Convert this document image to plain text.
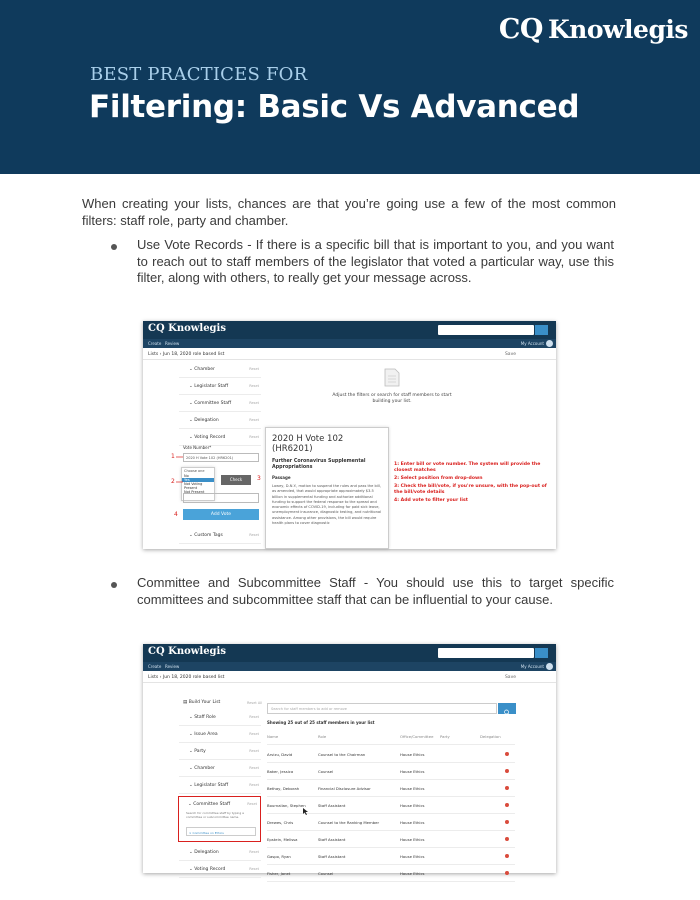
CQ Knowlegis
BEST PRACTICES FOR
Filtering: Basic Vs Advanced

When creating your lists, chances are that you’re going use a few of the most common filters: staff role, party and chamber.

Use Vote Records - If there is a specific bill that is important to you, and you want to reach out to staff members of the legislator that voted a particular way, use this filter, along with others, to really get your message across.

CQ Knowlegis
Create Review	My Account
Lists › Jun 18, 2020 role based list	Save
⌄ Chamber	Reset
⌄ Legislator Staff	Reset
⌄ Committee Staff	Reset
⌄ Delegation	Reset
⌄ Voting Record	Reset
Vote Number*
2020 H Vote 102 (HR6201)
Choose one
No
Yes
Not Voting
Present
Not Present
Check
Add Vote
⌄ Custom Tags	Reset
1
2	3
4
Adjust the filters or search for staff members to start building your list.
2020 H Vote 102 (HR6201)
Further Coronavirus Supplemental Appropriations
Passage
Lowey, D-N.Y., motion to suspend the rules and pass the bill, as amended, that would appropriate approximately $3.5 billion in supplemental funding and authorize additional funding to support the federal response to the spread and economic effects of COVID-19, including for paid sick leave, unemployment insurance, diagnostic testing, and nutritional assistance. Among other provisions, the bill would require health plans to cover diagnostic
1: Enter bill or vote number. The system will provide the closest matches
2: Select position from drop-down
3: Check the bill/vote, if you're unsure, with the pop-out of the bill/vote details
4: Add vote to filter your list

Committee and Subcommittee Staff - You should use this to target specific committees and subcommittee staff that can be influential to your cause.

CQ Knowlegis
Create Review	My Account
Lists › Jun 18, 2020 role based list	Save
▤ Build Your List	Reset All
⌄ Staff Role	Reset
⌄ Issue Area	Reset
⌄ Party	Reset
⌄ Chamber	Reset
⌄ Legislator Staff	Reset
⌄ Committee Staff	Reset
Search for committee staff by typing a committee or subcommittee name.
× Committee on Ethics
⌄ Delegation	Reset
⌄ Voting Record	Reset
Search for staff members to add or remove
Showing 25 out of 25 staff members in your list
Name	Role	Office/Committee Party	Delegation
Arvizu, David	Counsel to the Chairman	House Ethics
Baker, Jessica	Counsel	House Ethics
Bethay, Deborah	Financial Disclosure Advisor	House Ethics
Bournalian, Stephen	Staff Assistant	House Ethics
Drewes, Chris	Counsel to the Ranking Member	House Ethics
Epstein, Melissa	Staff Assistant	House Ethics
Gaspo, Ryan	Staff Assistant	House Ethics
Fisher, Janet	Counsel	House Ethics
